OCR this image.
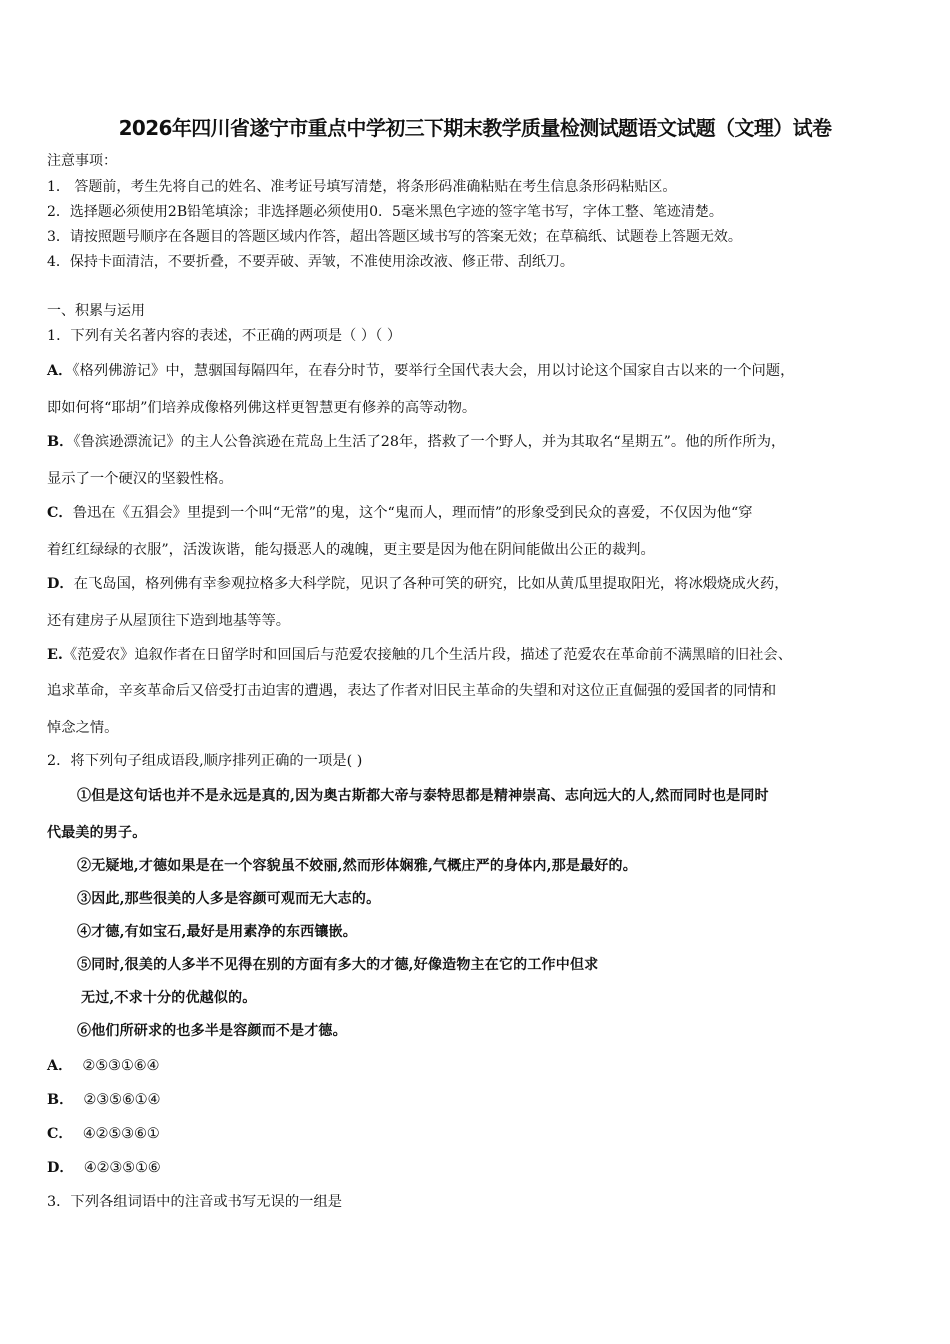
2026年四川省遂宁市重点中学初三下期末教学质量检测试题语文试题（文理）试卷
注意事项：
1． 答题前，考生先将自己的姓名、准考证号填写清楚，将条形码准确粘贴在考生信息条形码粘贴区。
2．选择题必须使用2B铅笔填涂；非选择题必须使用0．5毫米黑色字迹的签字笔书写，字体工整、笔迹清楚。
3．请按照题号顺序在各题目的答题区域内作答，超出答题区域书写的答案无效；在草稿纸、试题卷上答题无效。
4．保持卡面清洁，不要折叠，不要弄破、弄皱，不准使用涂改液、修正带、刮纸刀。
一、积累与运用
1．下列有关名著内容的表述，不正确的两项是（ ）（ ）
A．《格列佛游记》中，慧骃国每隔四年，在春分时节，要举行全国代表大会，用以讨论这个国家自古以来的一个问题，
即如何将“耶胡”们培养成像格列佛这样更智慧更有修养的高等动物。
B．《鲁滨逊漂流记》的主人公鲁滨逊在荒岛上生活了28年，搭救了一个野人，并为其取名“星期五”。他的所作所为，
显示了一个硬汉的坚毅性格。
C．鲁迅在《五猖会》里提到一个叫“无常”的鬼，这个“鬼而人，理而情”的形象受到民众的喜爱，不仅因为他“穿
着红红绿绿的衣服”，活泼诙谐，能勾摄恶人的魂魄，更主要是因为他在阴间能做出公正的裁判。
D．在飞岛国，格列佛有幸参观拉格多大科学院，见识了各种可笑的研究，比如从黄瓜里提取阳光，将冰煅烧成火药，
还有建房子从屋顶往下造到地基等等。
E.《范爱农》追叙作者在日留学时和回国后与范爱农接触的几个生活片段，描述了范爱农在革命前不满黑暗的旧社会、
追求革命，辛亥革命后又倍受打击迫害的遭遇，表达了作者对旧民主革命的失望和对这位正直倔强的爱国者的同情和
悼念之情。
2．将下列句子组成语段,顺序排列正确的一项是( )
①但是这句话也并不是永远是真的,因为奥古斯都大帝与泰特思都是精神崇高、志向远大的人,然而同时也是同时
代最美的男子。
②无疑地,才德如果是在一个容貌虽不姣丽,然而形体娴雅,气概庄严的身体内,那是最好的。
③因此,那些很美的人多是容颜可观而无大志的。
④才德,有如宝石,最好是用素净的东西镶嵌。
⑤同时,很美的人多半不见得在别的方面有多大的才德,好像造物主在它的工作中但求
无过,不求十分的优越似的。
⑥他们所研求的也多半是容颜而不是才德。
A． ②⑤③①⑥④
B． ②③⑤⑥①④
C． ④②⑤③⑥①
D． ④②③⑤①⑥
3．下列各组词语中的注音或书写无误的一组是
